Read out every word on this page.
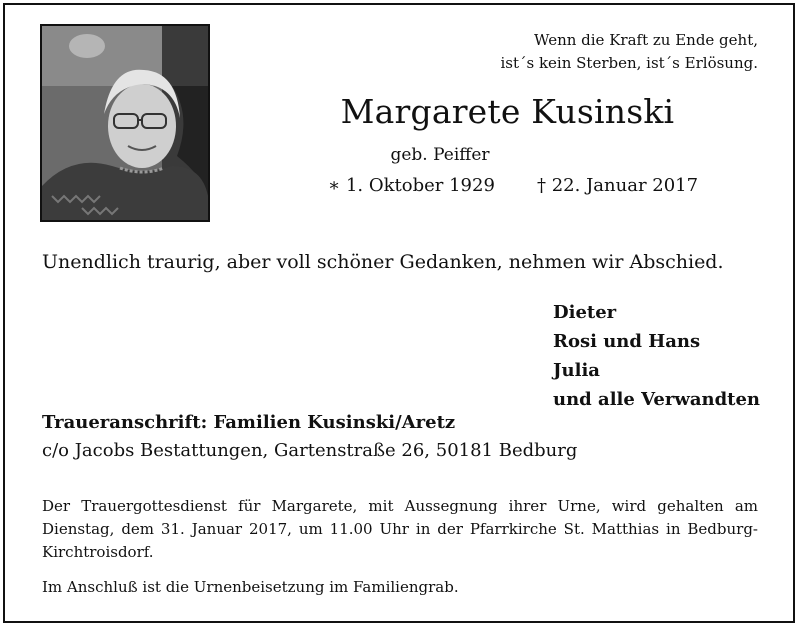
Wenn die Kraft zu Ende geht,
ist´s kein Sterben, ist´s Erlösung.
Margarete Kusinski
geb. Peiffer
∗ 1. Oktober 1929 † 22. Januar 2017
Unendlich traurig, aber voll schöner Gedanken, nehmen wir Abschied.
Dieter
Rosi und Hans
Julia
und alle Verwandten
Traueranschrift: Familien Kusinski/Aretz
c/o Jacobs Bestattungen, Gartenstraße 26, 50181 Bedburg
Der Trauergottesdienst für Margarete, mit Aussegnung ihrer Urne, wird gehalten am Dienstag, dem 31. Januar 2017, um 11.00 Uhr in der Pfarrkirche St. Matthias in Bedburg-Kirchtroisdorf.
Im Anschluß ist die Urnenbeisetzung im Familiengrab.
